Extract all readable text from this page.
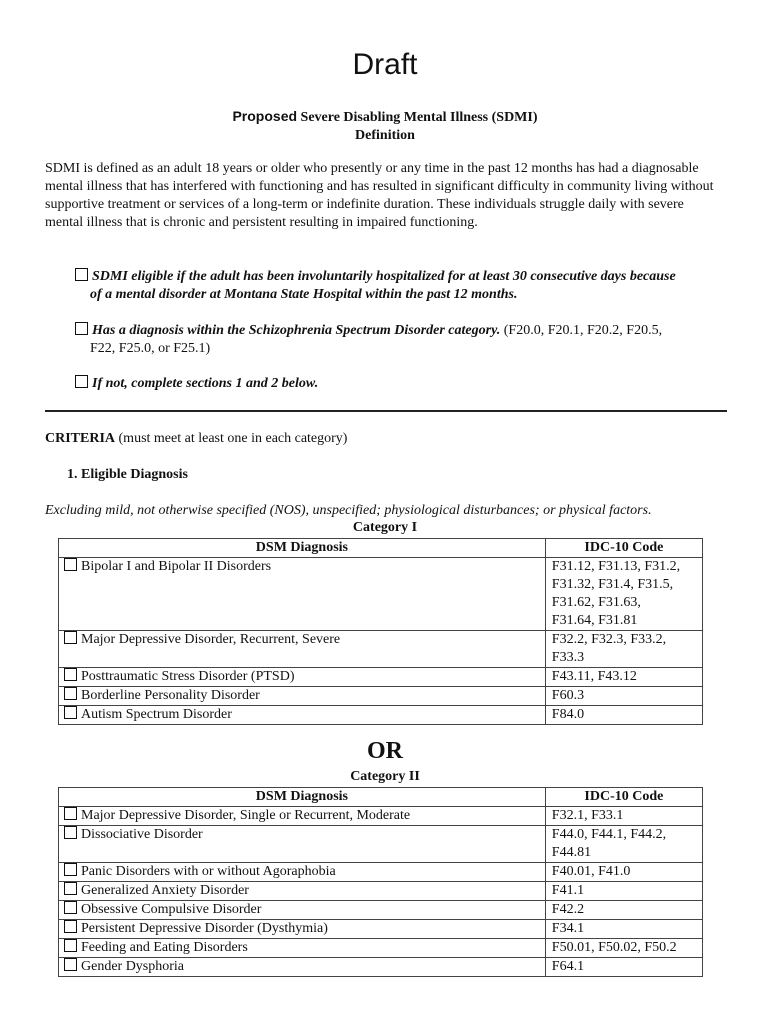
Draft
Proposed Severe Disabling Mental Illness (SDMI)
Definition
SDMI is defined as an adult 18 years or older who presently or any time in the past 12 months has had a diagnosable mental illness that has interfered with functioning and has resulted in significant difficulty in community living without supportive treatment or services of a long-term or indefinite duration. These individuals struggle daily with severe mental illness that is chronic and persistent resulting in impaired functioning.
SDMI eligible if the adult has been involuntarily hospitalized for at least 30 consecutive days because
of a mental disorder at Montana State Hospital within the past 12 months.
Has a diagnosis within the Schizophrenia Spectrum Disorder category. (F20.0, F20.1, F20.2, F20.5,
F22, F25.0, or F25.1)
If not, complete sections 1 and 2 below.
CRITERIA (must meet at least one in each category)
1. Eligible Diagnosis
Excluding mild, not otherwise specified (NOS), unspecified; physiological disturbances; or physical factors.
Category I
DSM Diagnosis	IDC-10 Code
Bipolar I and Bipolar II Disorders	F31.12, F31.13, F31.2,
F31.32, F31.4, F31.5,
F31.62, F31.63,
F31.64, F31.81

Major Depressive Disorder, Recurrent, Severe	F32.2, F32.3, F33.2,
F33.3

Posttraumatic Stress Disorder (PTSD)	F43.11, F43.12

Borderline Personality Disorder	F60.3

Autism Spectrum Disorder	F84.0
OR
Category II
DSM Diagnosis	IDC-10 Code
Major Depressive Disorder, Single or Recurrent, Moderate	F32.1, F33.1

Dissociative Disorder	F44.0, F44.1, F44.2,
F44.81

Panic Disorders with or without Agoraphobia	F40.01, F41.0

Generalized Anxiety Disorder	F41.1

Obsessive Compulsive Disorder	F42.2

Persistent Depressive Disorder (Dysthymia)	F34.1

Feeding and Eating Disorders	F50.01, F50.02, F50.2

Gender Dysphoria	F64.1
